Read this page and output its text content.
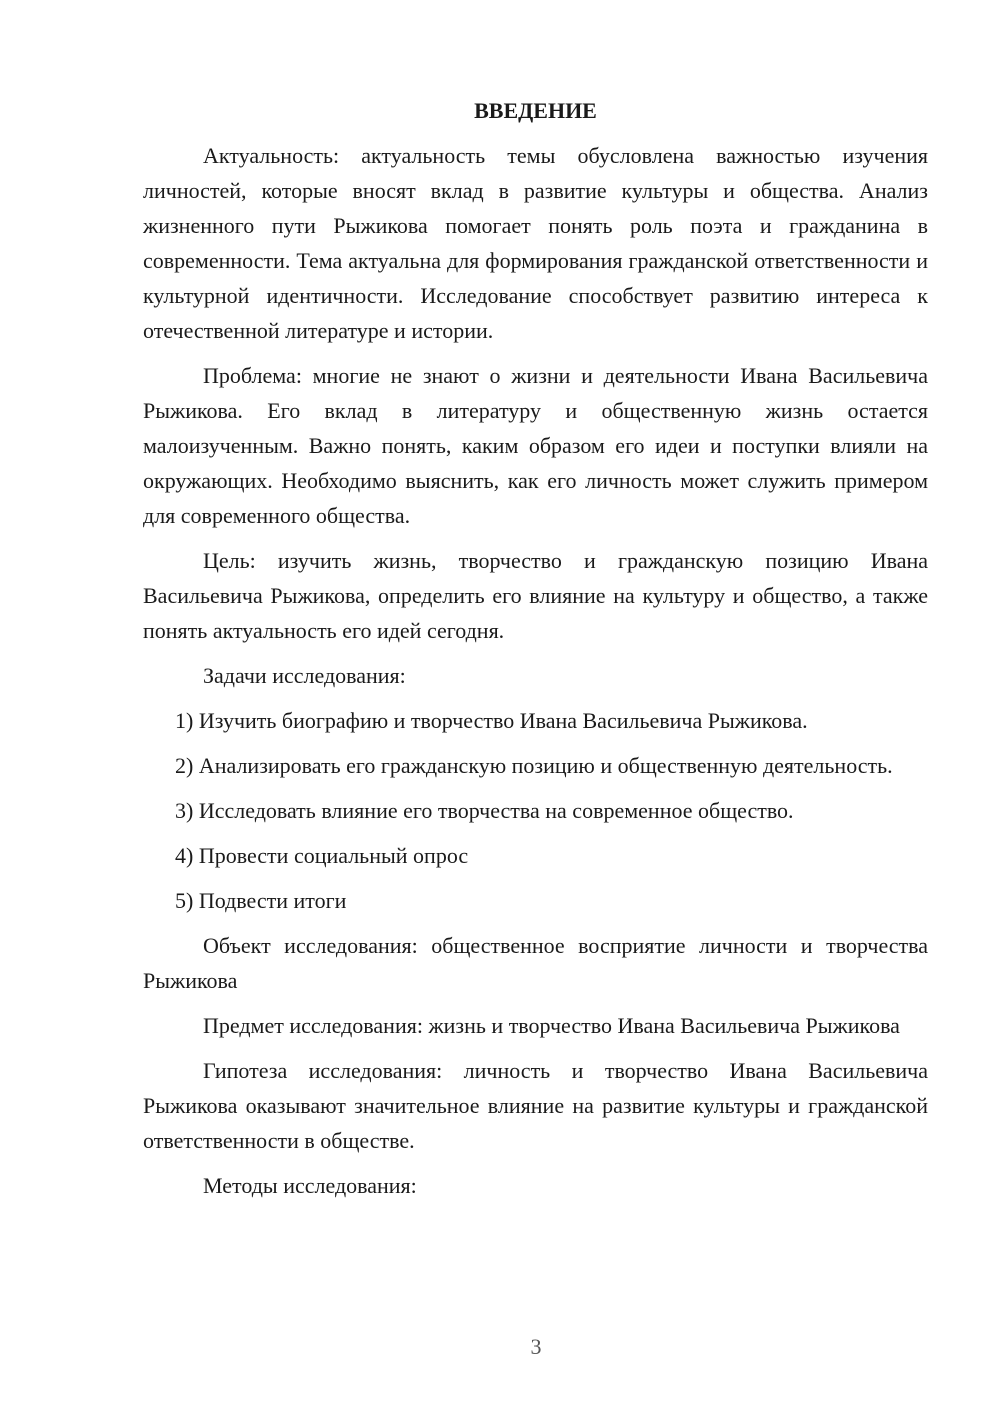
ВВЕДЕНИЕ

Актуальность: актуальность темы обусловлена важностью изучения личностей, которые вносят вклад в развитие культуры и общества. Анализ жизненного пути Рыжикова помогает понять роль поэта и гражданина в современности. Тема актуальна для формирования гражданской ответственности и культурной идентичности. Исследование способствует развитию интереса к отечественной литературе и истории.

Проблема: многие не знают о жизни и деятельности Ивана Васильевича Рыжикова. Его вклад в литературу и общественную жизнь остается малоизученным. Важно понять, каким образом его идеи и поступки влияли на окружающих. Необходимо выяснить, как его личность может служить примером для современного общества.

Цель: изучить жизнь, творчество и гражданскую позицию Ивана Васильевича Рыжикова, определить его влияние на культуру и общество, а также понять актуальность его идей сегодня.

Задачи исследования:

1) Изучить биографию и творчество Ивана Васильевича Рыжикова.

2) Анализировать его гражданскую позицию и общественную деятельность.

3) Исследовать влияние его творчества на современное общество.

4) Провести социальный опрос

5) Подвести итоги

Объект исследования: общественное восприятие личности и творчества Рыжикова

Предмет исследования: жизнь и творчество Ивана Васильевича Рыжикова

Гипотеза исследования: личность и творчество Ивана Васильевича Рыжикова оказывают значительное влияние на развитие культуры и гражданской ответственности в обществе.

Методы исследования:

3
